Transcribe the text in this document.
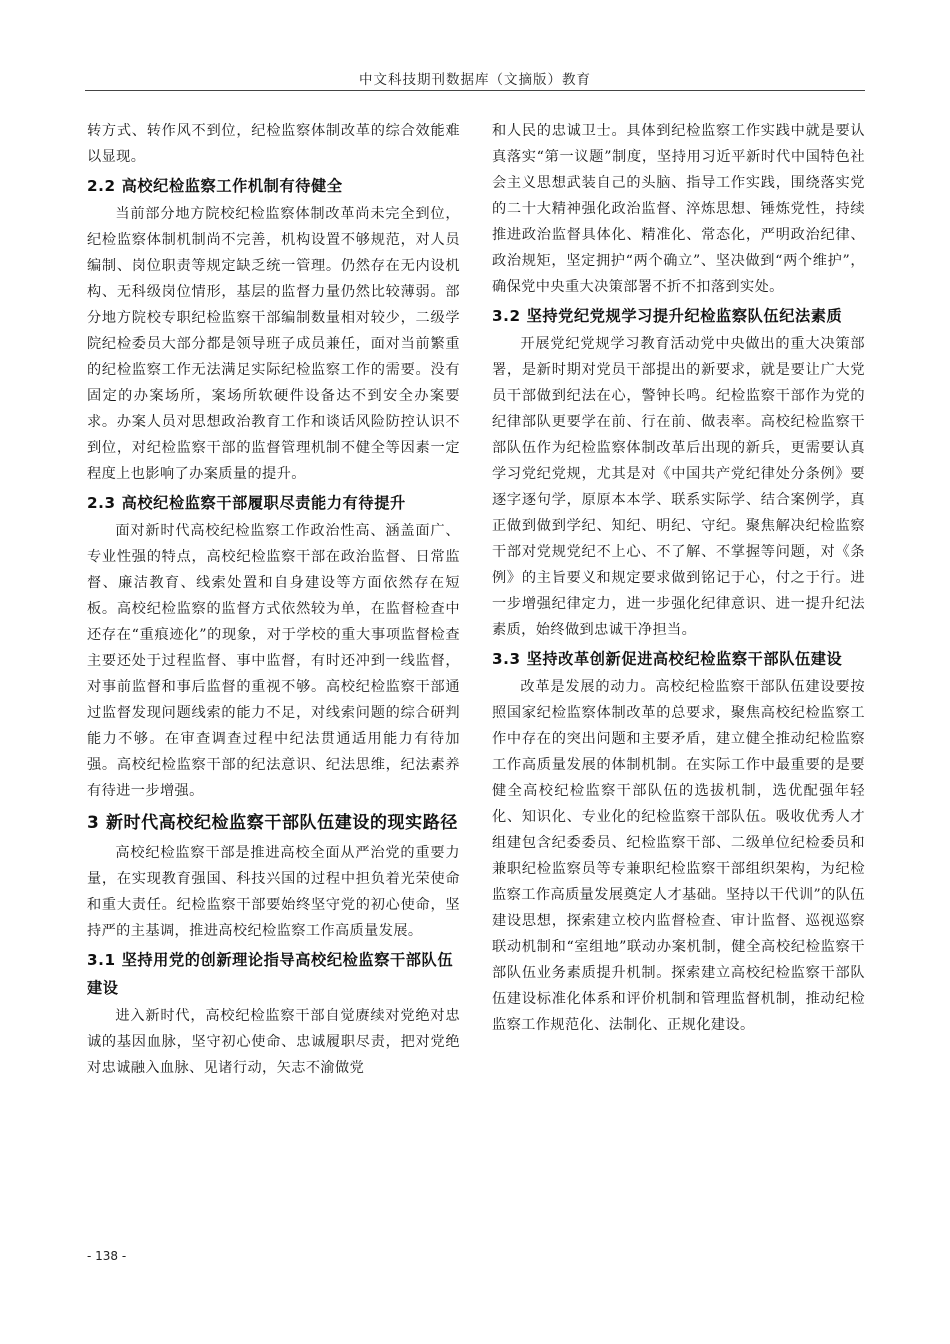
中文科技期刊数据库（文摘版）教育

转方式、转作风不到位，纪检监察体制改革的综合效能难以显现。

2.2 高校纪检监察工作机制有待健全

当前部分地方院校纪检监察体制改革尚未完全到位，纪检监察体制机制尚不完善，机构设置不够规范，对人员编制、岗位职责等规定缺乏统一管理。仍然存在无内设机构、无科级岗位情形，基层的监督力量仍然比较薄弱。部分地方院校专职纪检监察干部编制数量相对较少，二级学院纪检委员大部分都是领导班子成员兼任，面对当前繁重的纪检监察工作无法满足实际纪检监察工作的需要。没有固定的办案场所，案场所软硬件设备达不到安全办案要求。办案人员对思想政治教育工作和谈话风险防控认识不到位，对纪检监察干部的监督管理机制不健全等因素一定程度上也影响了办案质量的提升。

2.3 高校纪检监察干部履职尽责能力有待提升

面对新时代高校纪检监察工作政治性高、涵盖面广、专业性强的特点，高校纪检监察干部在政治监督、日常监督、廉洁教育、线索处置和自身建设等方面依然存在短板。高校纪检监察的监督方式依然较为单，在监督检查中还存在“重痕迹化”的现象，对于学校的重大事项监督检查主要还处于过程监督、事中监督，有时还冲到一线监督，对事前监督和事后监督的重视不够。高校纪检监察干部通过监督发现问题线索的能力不足，对线索问题的综合研判能力不够。在审查调查过程中纪法贯通适用能力有待加强。高校纪检监察干部的纪法意识、纪法思维，纪法素养有待进一步增强。

3 新时代高校纪检监察干部队伍建设的现实路径

高校纪检监察干部是推进高校全面从严治党的重要力量，在实现教育强国、科技兴国的过程中担负着光荣使命和重大责任。纪检监察干部要始终坚守党的初心使命，坚持严的主基调，推进高校纪检监察工作高质量发展。

3.1 坚持用党的创新理论指导高校纪检监察干部队伍建设

进入新时代，高校纪检监察干部自觉赓续对党绝对忠诚的基因血脉，坚守初心使命、忠诚履职尽责，把对党绝对忠诚融入血脉、见诸行动，矢志不渝做党

和人民的忠诚卫士。具体到纪检监察工作实践中就是要认真落实“第一议题”制度，坚持用习近平新时代中国特色社会主义思想武装自己的头脑、指导工作实践，围绕落实党的二十大精神强化政治监督、淬炼思想、锤炼党性，持续推进政治监督具体化、精准化、常态化，严明政治纪律、政治规矩，坚定拥护“两个确立”、坚决做到“两个维护”，确保党中央重大决策部署不折不扣落到实处。

3.2 坚持党纪党规学习提升纪检监察队伍纪法素质

开展党纪党规学习教育活动党中央做出的重大决策部署，是新时期对党员干部提出的新要求，就是要让广大党员干部做到纪法在心，警钟长鸣。纪检监察干部作为党的纪律部队更要学在前、行在前、做表率。高校纪检监察干部队伍作为纪检监察体制改革后出现的新兵，更需要认真学习党纪党规，尤其是对《中国共产党纪律处分条例》要逐字逐句学，原原本本学、联系实际学、结合案例学，真正做到做到学纪、知纪、明纪、守纪。聚焦解决纪检监察干部对党规党纪不上心、不了解、不掌握等问题，对《条例》的主旨要义和规定要求做到铭记于心，付之于行。进一步增强纪律定力，进一步强化纪律意识、进一提升纪法素质，始终做到忠诚干净担当。

3.3 坚持改革创新促进高校纪检监察干部队伍建设

改革是发展的动力。高校纪检监察干部队伍建设要按照国家纪检监察体制改革的总要求，聚焦高校纪检监察工作中存在的突出问题和主要矛盾，建立健全推动纪检监察工作高质量发展的体制机制。在实际工作中最重要的是要健全高校纪检监察干部队伍的选拔机制，选优配强年轻化、知识化、专业化的纪检监察干部队伍。吸收优秀人才组建包含纪委委员、纪检监察干部、二级单位纪检委员和兼职纪检监察员等专兼职纪检监察干部组织架构，为纪检监察工作高质量发展奠定人才基础。坚持以干代训”的队伍建设思想，探索建立校内监督检查、审计监督、巡视巡察联动机制和“室组地”联动办案机制，健全高校纪检监察干部队伍业务素质提升机制。探索建立高校纪检监察干部队伍建设标准化体系和评价机制和管理监督机制，推动纪检监察工作规范化、法制化、正规化建设。

- 138 -
